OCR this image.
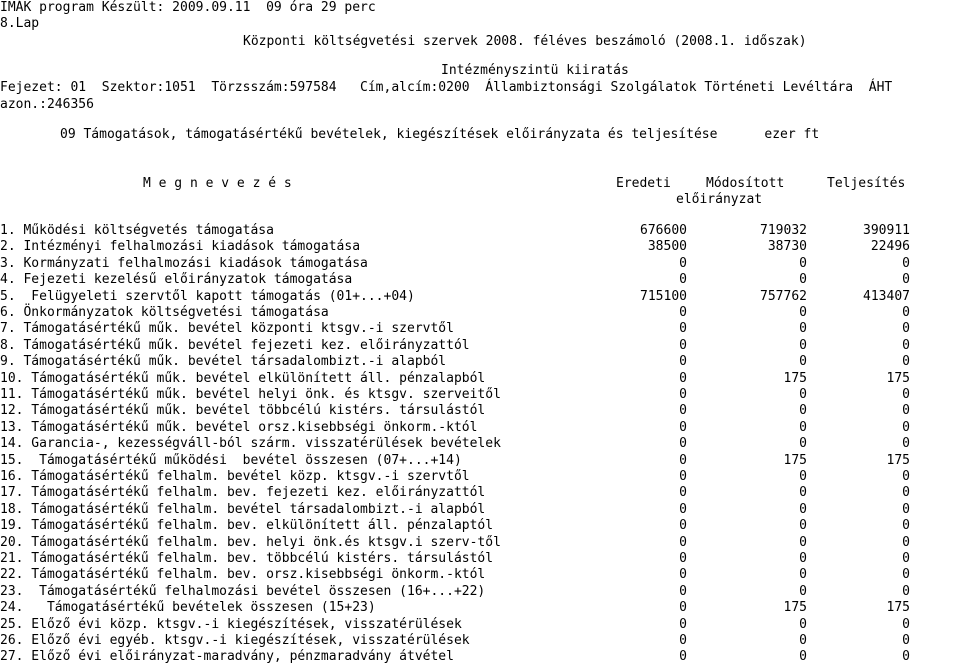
İMÁK program Készült: 2009.09.11  09 óra 29 perc
8.Lap
Központi költségvetési szervek 2008. féléves beszámoló (2008.1. időszak)
Intézményszintü kiiratás
Fejezet: 01  Szektor:1051  Törzsszám:597584   Cím,alcím:0200  Állambiztonsági Szolgálatok Történeti Levéltára  ÁHT
azon.:246356
09 Támogatások, támogatásértékű bevételek, kiegészítések előirányzata és teljesítése      ezer ft
M e g n e v e z é s	Eredeti	Módosított	Teljesítés
előirányzat
1. Működési költségvetés támogatása	676600	719032	390911
2. Intézményi felhalmozási kiadások támogatása	38500	38730	22496
3. Kormányzati felhalmozási kiadások támogatása	0	0	0
4. Fejezeti kezelésű előirányzatok támogatása	0	0	0
5.  Felügyeleti szervtől kapott támogatás (01+...+04)	715100	757762	413407
6. Önkormányzatok költségvetési támogatása	0	0	0
7. Támogatásértékű műk. bevétel központi ktsgv.-i szervtől	0	0	0
8. Támogatásértékű műk. bevétel fejezeti kez. előirányzattól	0	0	0
9. Támogatásértékű műk. bevétel társadalombizt.-i alapból	0	0	0
10. Támogatásértékű műk. bevétel elkülönített áll. pénzalapból	0	175	175
11. Támogatásértékű műk. bevétel helyi önk. és ktsgv. szerveitől	0	0	0
12. Támogatásértékű műk. bevétel többcélú kistérs. társulástól	0	0	0
13. Támogatásértékű műk. bevétel orsz.kisebbségi önkorm.-któl	0	0	0
14. Garancia-, kezességváll-ból szárm. visszatérülések bevételek	0	0	0
15.  Támogatásértékű működési  bevétel összesen (07+...+14)	0	175	175
16. Támogatásértékű felhalm. bevétel közp. ktsgv.-i szervtől	0	0	0
17. Támogatásértékű felhalm. bev. fejezeti kez. előirányzattól	0	0	0
18. Támogatásértékű felhalm. bevétel társadalombizt.-i alapból	0	0	0
19. Támogatásértékű felhalm. bev. elkülönített áll. pénzalaptól	0	0	0
20. Támogatásértékű felhalm. bev. helyi önk.és ktsgv.i szerv-től	0	0	0
21. Támogatásértékű felhalm. bev. többcélú kistérs. társulástól	0	0	0
22. Támogatásértékű felhalm. bev. orsz.kisebbségi önkorm.-któl	0	0	0
23.  Támogatásértékű felhalmozási bevétel összesen (16+...+22)	0	0	0
24.   Támogatásértékű bevételek összesen (15+23)	0	175	175
25. Előző évi közp. ktsgv.-i kiegészítések, visszatérülések	0	0	0
26. Előző évi egyéb. ktsgv.-i kiegészítések, visszatérülések	0	0	0
27. Előző évi előirányzat-maradvány, pénzmaradvány átvétel	0	0	0
